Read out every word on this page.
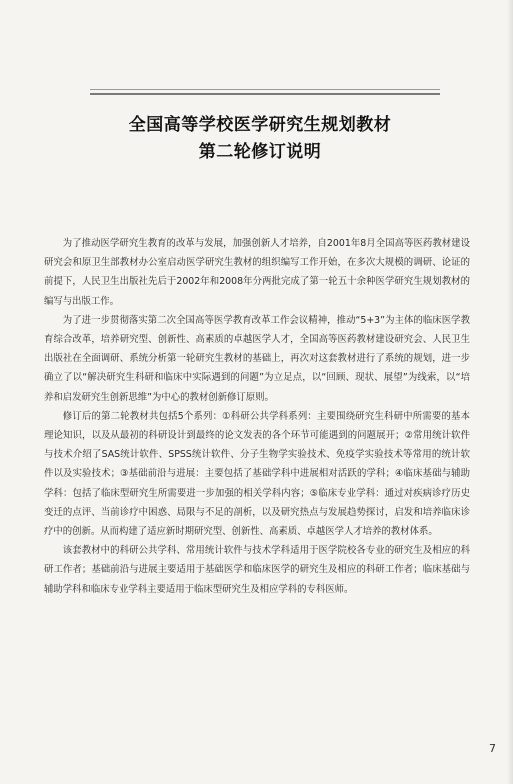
全国高等学校医学研究生规划教材
第二轮修订说明

为了推动医学研究生教育的改革与发展，加强创新人才培养，自2001年8月全国高等医药教材建设研究会和原卫生部教材办公室启动医学研究生教材的组织编写工作开始，在多次大规模的调研、论证的前提下，人民卫生出版社先后于2002年和2008年分两批完成了第一轮五十余种医学研究生规划教材的编写与出版工作。

为了进一步贯彻落实第二次全国高等医学教育改革工作会议精神，推动“5+3”为主体的临床医学教育综合改革，培养研究型、创新性、高素质的卓越医学人才，全国高等医药教材建设研究会、人民卫生出版社在全面调研、系统分析第一轮研究生教材的基础上，再次对这套教材进行了系统的规划，进一步确立了以“解决研究生科研和临床中实际遇到的问题”为立足点，以“回顾、现状、展望”为线索，以“培养和启发研究生创新思维”为中心的教材创新修订原则。

修订后的第二轮教材共包括5个系列：①科研公共学科系列：主要围绕研究生科研中所需要的基本理论知识，以及从最初的科研设计到最终的论文发表的各个环节可能遇到的问题展开；②常用统计软件与技术介绍了SAS统计软件、SPSS统计软件、分子生物学实验技术、免疫学实验技术等常用的统计软件以及实验技术；③基础前沿与进展：主要包括了基础学科中进展相对活跃的学科；④临床基础与辅助学科：包括了临床型研究生所需要进一步加强的相关学科内容；⑤临床专业学科：通过对疾病诊疗历史变迁的点评、当前诊疗中困惑、局限与不足的剖析，以及研究热点与发展趋势探讨，启发和培养临床诊疗中的创新。从而构建了适应新时期研究型、创新性、高素质、卓越医学人才培养的教材体系。

该套教材中的科研公共学科、常用统计软件与技术学科适用于医学院校各专业的研究生及相应的科研工作者；基础前沿与进展主要适用于基础医学和临床医学的研究生及相应的科研工作者；临床基础与辅助学科和临床专业学科主要适用于临床型研究生及相应学科的专科医师。

7
